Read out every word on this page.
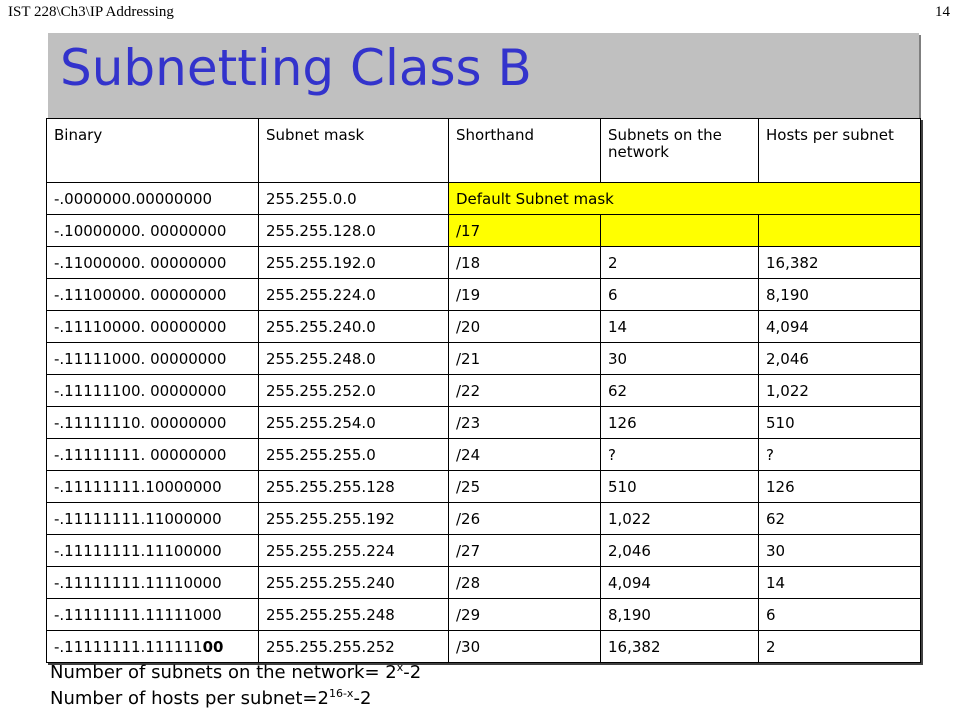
IST 228\Ch3\IP Addressing	14
Subnetting Class B
Binary	Subnet mask	Shorthand	Subnets on the network	Hosts per subnet
-.0000000.00000000	255.255.0.0	Default Subnet mask		
-.10000000. 00000000	255.255.128.0	/17		
-.11000000. 00000000	255.255.192.0	/18	2	16,382
-.11100000. 00000000	255.255.224.0	/19	6	8,190
-.11110000. 00000000	255.255.240.0	/20	14	4,094
-.11111000. 00000000	255.255.248.0	/21	30	2,046
-.11111100. 00000000	255.255.252.0	/22	62	1,022
-.11111110. 00000000	255.255.254.0	/23	126	510
-.11111111. 00000000	255.255.255.0	/24	?	?
-.11111111.10000000	255.255.255.128	/25	510	126
-.11111111.11000000	255.255.255.192	/26	1,022	62
-.11111111.11100000	255.255.255.224	/27	2,046	30
-.11111111.11110000	255.255.255.240	/28	4,094	14
-.11111111.11111000	255.255.255.248	/29	8,190	6
-.11111111.11111100	255.255.255.252	/30	16,382	2
Number of subnets on the network= $2^x-2$
Number of hosts per $subnet=2^{16-x}-2$
